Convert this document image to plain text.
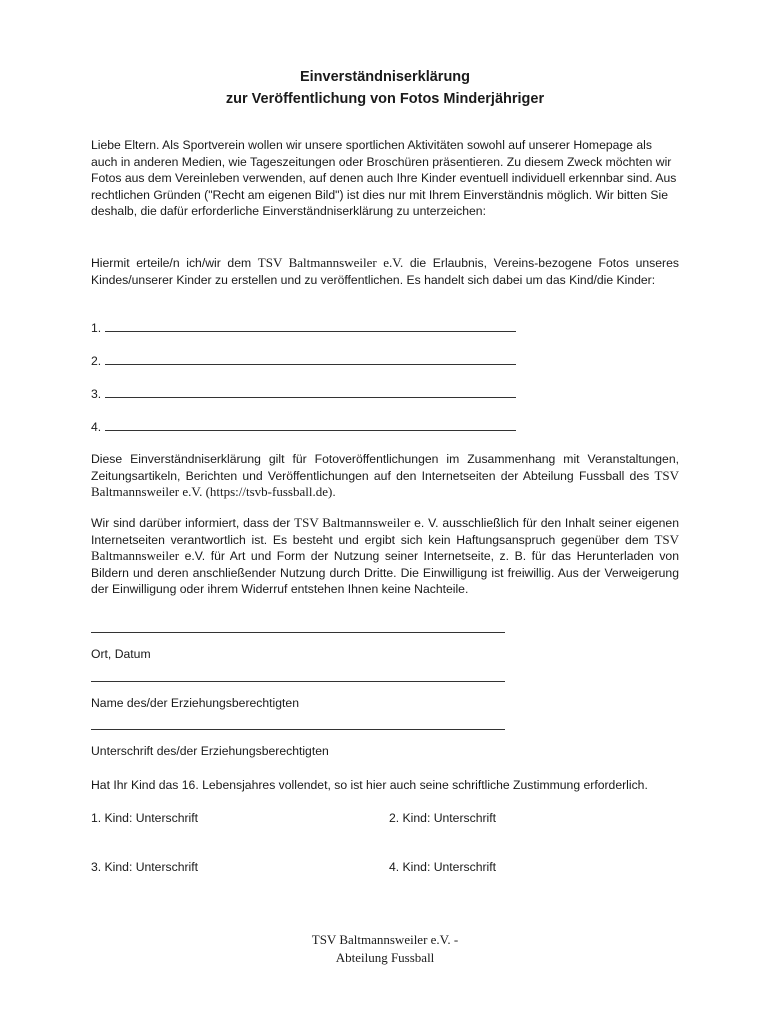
Einverständniserklärung
zur Veröffentlichung von Fotos Minderjähriger
Liebe Eltern. Als Sportverein wollen wir unsere sportlichen Aktivitäten sowohl auf unserer Homepage als auch in anderen Medien, wie Tageszeitungen oder Broschüren präsentieren. Zu diesem Zweck möchten wir Fotos aus dem Vereinleben verwenden, auf denen auch Ihre Kinder eventuell individuell erkennbar sind. Aus rechtlichen Gründen ("Recht am eigenen Bild") ist dies nur mit Ihrem Einverständnis möglich. Wir bitten Sie deshalb, die dafür erforderliche Einverständniserklärung zu unterzeichen:
Hiermit erteile/n ich/wir dem TSV Baltmannsweiler e.V. die Erlaubnis, Vereins-bezogene Fotos unseres Kindes/unserer Kinder zu erstellen und zu veröffentlichen. Es handelt sich dabei um das Kind/die Kinder:
1.
2.
3.
4.
Diese Einverständniserklärung gilt für Fotoveröffentlichungen im Zusammenhang mit Veranstaltungen, Zeitungsartikeln, Berichten und Veröffentlichungen auf den Internetseiten der Abteilung Fussball des TSV Baltmannsweiler e.V. (https://tsvb-fussball.de).
Wir sind darüber informiert, dass der TSV Baltmannsweiler e. V. ausschließlich für den Inhalt seiner eigenen Internetseiten verantwortlich ist. Es besteht und ergibt sich kein Haftungsanspruch gegenüber dem TSV Baltmannsweiler e.V. für Art und Form der Nutzung seiner Internetseite, z. B. für das Herunterladen von Bildern und deren anschließender Nutzung durch Dritte. Die Einwilligung ist freiwillig. Aus der Verweigerung der Einwilligung oder ihrem Widerruf entstehen Ihnen keine Nachteile.
Ort, Datum
Name des/der Erziehungsberechtigten
Unterschrift des/der Erziehungsberechtigten
Hat Ihr Kind das 16. Lebensjahres vollendet, so ist hier auch seine schriftliche Zustimmung erforderlich.
1. Kind: Unterschrift	2. Kind: Unterschrift
3. Kind: Unterschrift	4. Kind: Unterschrift
TSV Baltmannsweiler e.V. -
Abteilung Fussball
